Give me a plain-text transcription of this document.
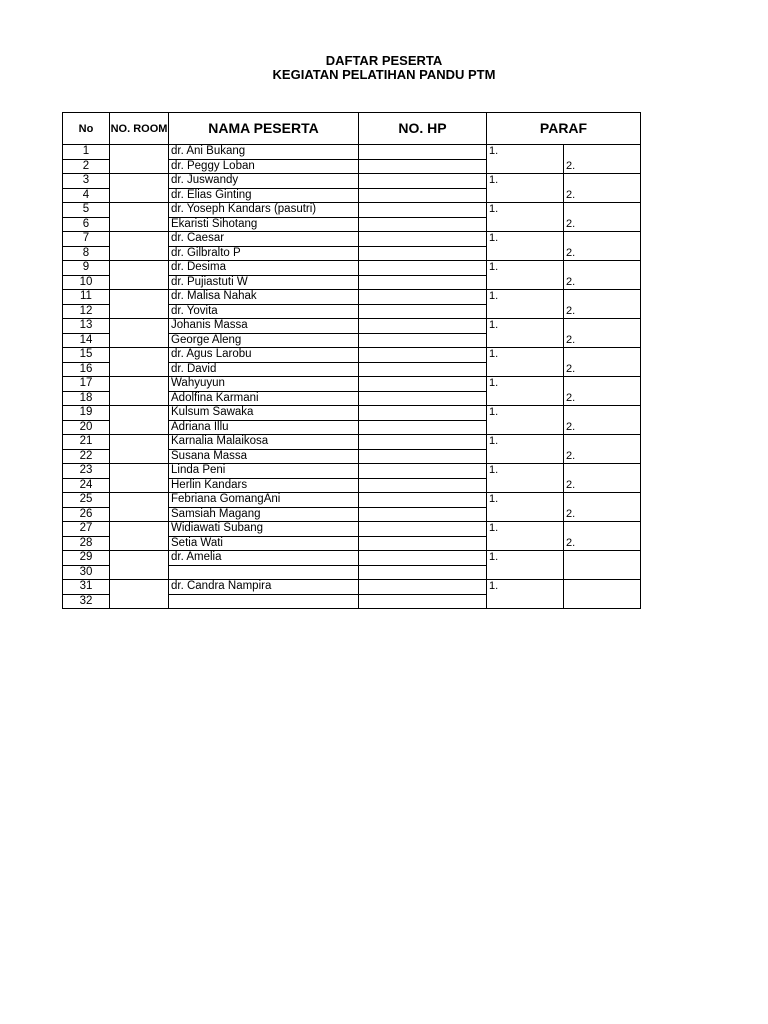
DAFTAR PESERTA
KEGIATAN PELATIHAN PANDU PTM
No	NO. ROOM	NAMA PESERTA	NO. HP	PARAF	
1		dr. Ani Bukang		1.	2.
2		dr. Peggy Loban			
3		dr. Juswandy		1.	2.
4		dr. Elias Ginting			
5		dr. Yoseph Kandars (pasutri)		1.	2.
6		Ekaristi Sihotang			
7		dr. Caesar		1.	2.
8		dr. Gilbralto P			
9		dr. Desima		1.	2.
10		dr. Pujiastuti W			
11		dr. Malisa Nahak		1.	2.
12		dr. Yovita			
13		Johanis Massa		1.	2.
14		George Aleng			
15		dr. Agus Larobu		1.	2.
16		dr. David			
17		Wahyuyun		1.	2.
18		Adolfina Karmani			
19		Kulsum Sawaka		1.	2.
20		Adriana Illu			
21		Karnalia Malaikosa		1.	2.
22		Susana Massa			
23		Linda Peni		1.	2.
24		Herlin Kandars			
25		Febriana GomangAni		1.	2.
26		Samsiah Magang			
27		Widiawati Subang		1.	2.
28		Setia Wati			
29		dr. Amelia		1.	
30					
31		dr. Candra Nampira		1.	
32					
